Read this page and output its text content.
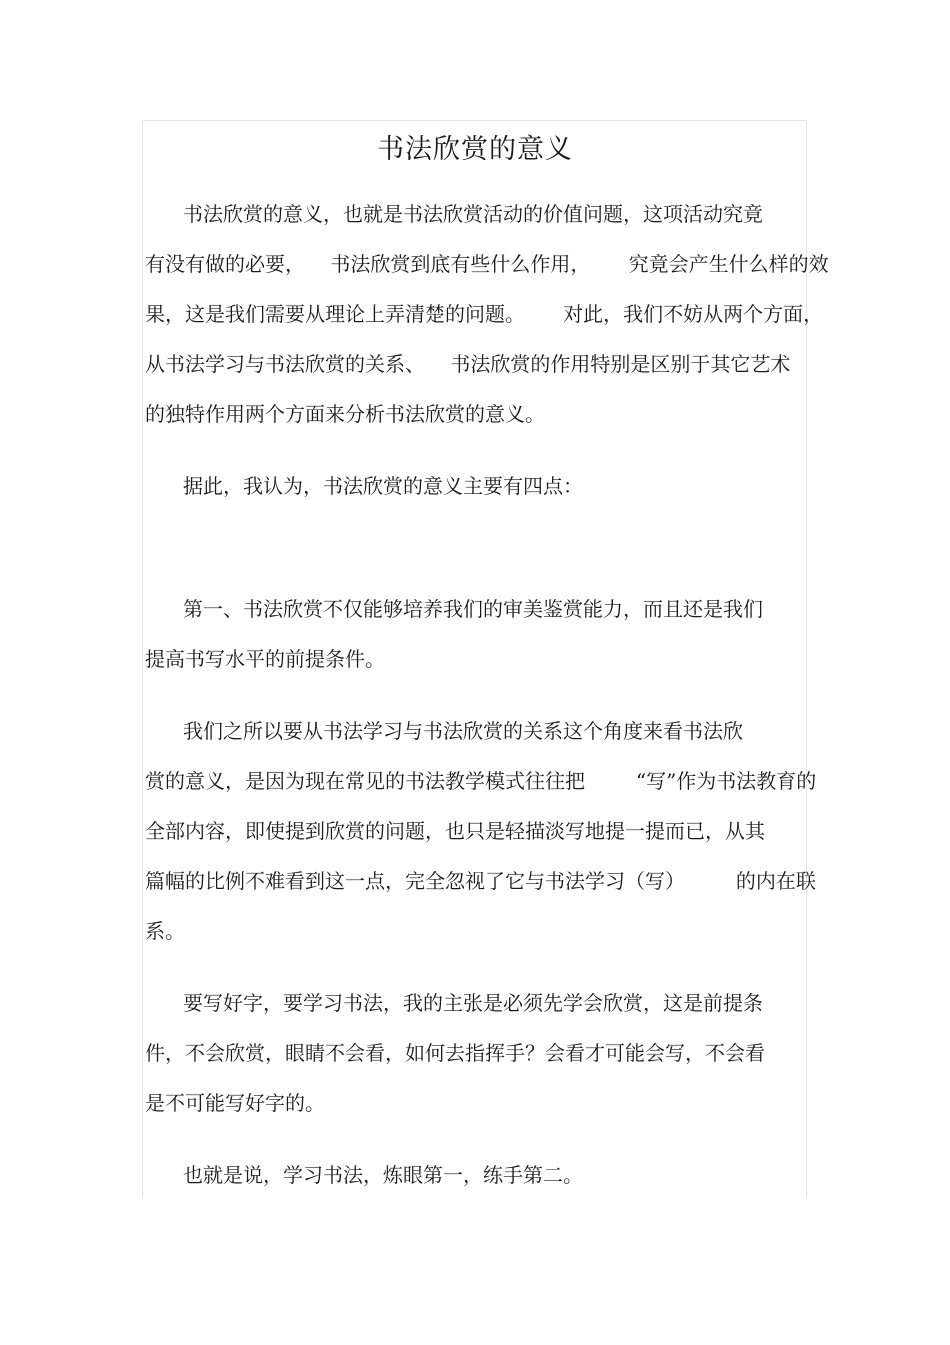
书法欣赏的意义
书法欣赏的意义，也就是书法欣赏活动的价值问题，这项活动究竟
有没有做的必要，    书法欣赏到底有些什么作用，      究竟会产生什么样的效
果，这是我们需要从理论上弄清楚的问题。      对此，我们不妨从两个方面，
从书法学习与书法欣赏的关系、    书法欣赏的作用特别是区别于其它艺术
的独特作用两个方面来分析书法欣赏的意义。
据此，我认为，书法欣赏的意义主要有四点：
第一、书法欣赏不仅能够培养我们的审美鉴赏能力，而且还是我们
提高书写水平的前提条件。
我们之所以要从书法学习与书法欣赏的关系这个角度来看书法欣
赏的意义，是因为现在常见的书法教学模式往往把        “写”作为书法教育的
全部内容，即使提到欣赏的问题，也只是轻描淡写地提一提而已，从其
篇幅的比例不难看到这一点，完全忽视了它与书法学习（写）        的内在联
系。
要写好字，要学习书法，我的主张是必须先学会欣赏，这是前提条
件，不会欣赏，眼睛不会看，如何去指挥手？会看才可能会写，不会看
是不可能写好字的。
也就是说，学习书法，炼眼第一，练手第二。
